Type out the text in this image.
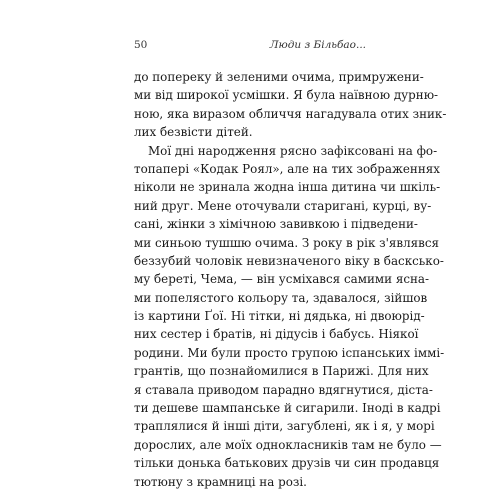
50	Люди з Більбао...
до попереку й зеленими очима, примружени-
ми від широкої усмішки. Я була наївною дурню-
ною, яка виразом обличчя нагадувала отих зник-
лих безвісти дітей.
Мої дні народження рясно зафіксовані на фо-
топапері «Кодак Роял», але на тих зображеннях
ніколи не зринала жодна інша дитина чи шкіль-
ний друг. Мене оточували старигані, курці, ву-
сані, жінки з хімічною завивкою і підведени-
ми синьою тушшю очима. З року в рік з'являвся
беззубий чоловік невизначеного віку в басксько-
му береті, Чема, — він усміхався самими ясна-
ми попелястого кольору та, здавалося, зійшов
із картини Ґої. Ні тітки, ні дядька, ні двоюрід-
них сестер і братів, ні дідусів і бабусь. Ніякої
родини. Ми були просто групою іспанських іммі-
грантів, що познайомилися в Парижі. Для них
я ставала приводом парадно вдягнутися, діста-
ти дешеве шампанське й сигарили. Іноді в кадрі
траплялися й інші діти, загублені, як і я, у морі
дорослих, але моїх однокласників там не було —
тільки донька батькових друзів чи син продавця
тютюну з крамниці на розі.
